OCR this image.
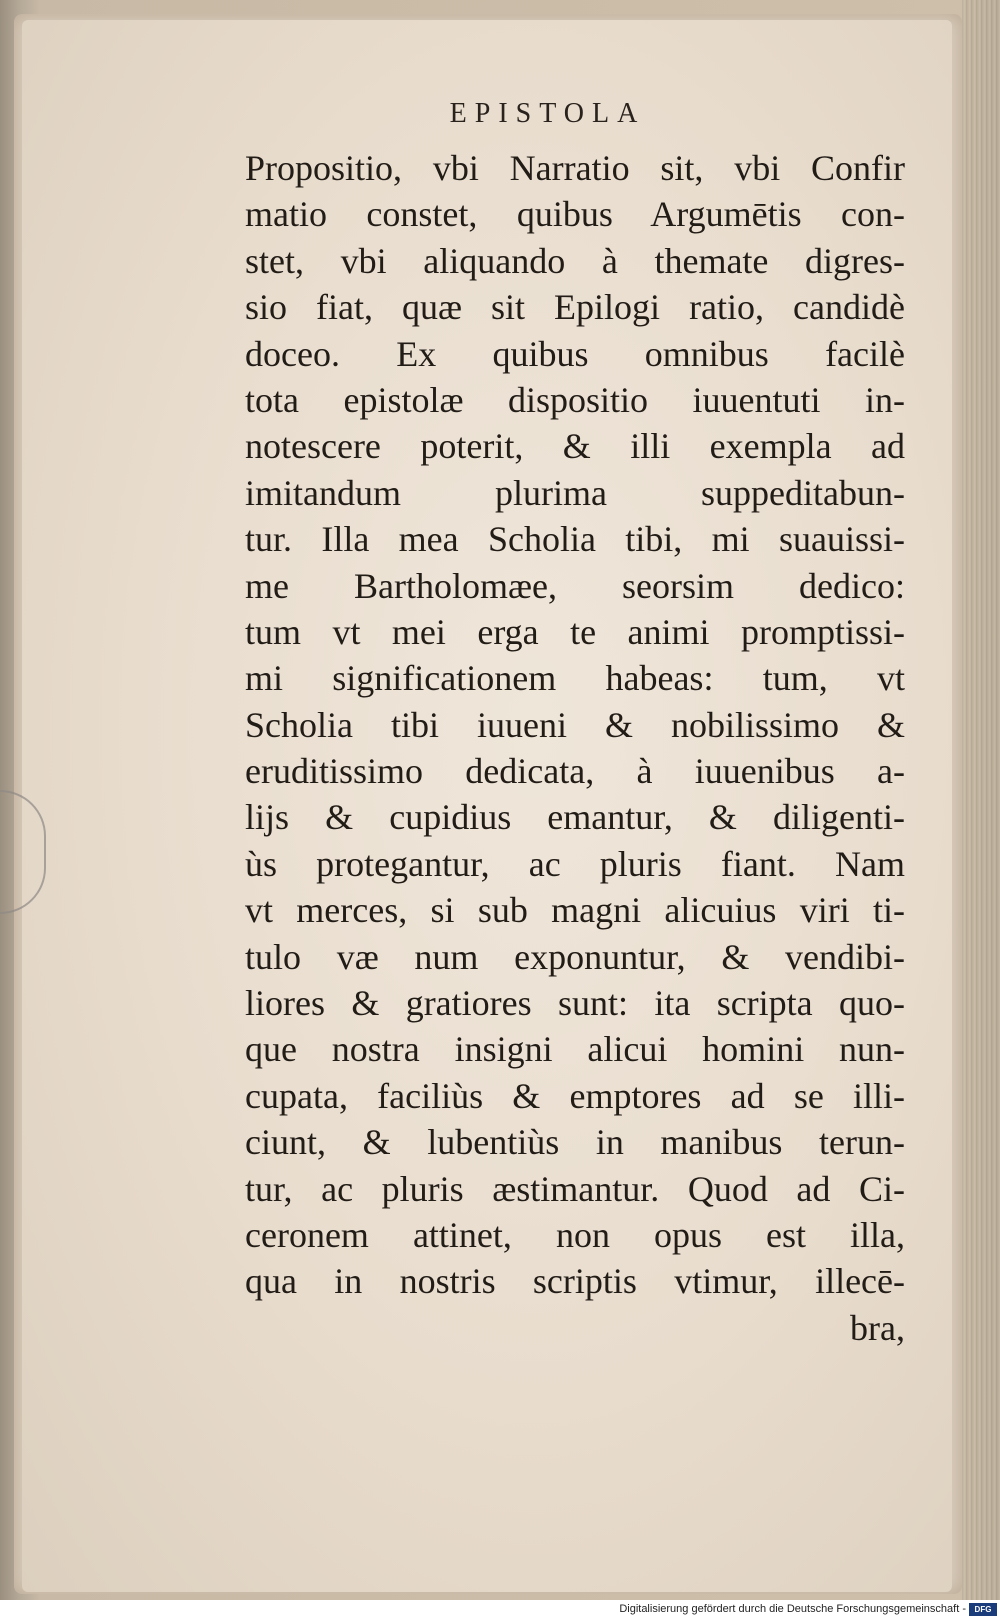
EPISTOLA
Propositio, vbi Narratio sit, vbi Confir
matio constet, quibus Argumētis con-
stet, vbi aliquando à themate digres-
sio fiat, quæ sit Epilogi ratio, candidè
doceo. Ex quibus omnibus facilè
tota epistolæ dispositio iuuentuti in-
notescere poterit, & illi exempla ad
imitandum plurima suppeditabun-
tur. Illa mea Scholia tibi, mi suauissi-
me Bartholomæe, seorsim dedico:
tum vt mei erga te animi promptissi-
mi significationem habeas: tum, vt
Scholia tibi iuueni & nobilissimo &
eruditissimo dedicata, à iuuenibus a-
lijs & cupidius emantur, & diligenti-
ùs protegantur, ac pluris fiant. Nam
vt merces, si sub magni alicuius viri ti-
tulo væ num exponuntur, & vendibi-
liores & gratiores sunt: ita scripta quo-
que nostra insigni alicui homini nun-
cupata, faciliùs & emptores ad se illi-
ciunt, & lubentiùs in manibus terun-
tur, ac pluris æstimantur. Quod ad Ci-
ceronem attinet, non opus est illa,
qua in nostris scriptis vtimur, illecē-
bra,
Digitalisierung gefördert durch die Deutsche Forschungsgemeinschaft -	DFG
